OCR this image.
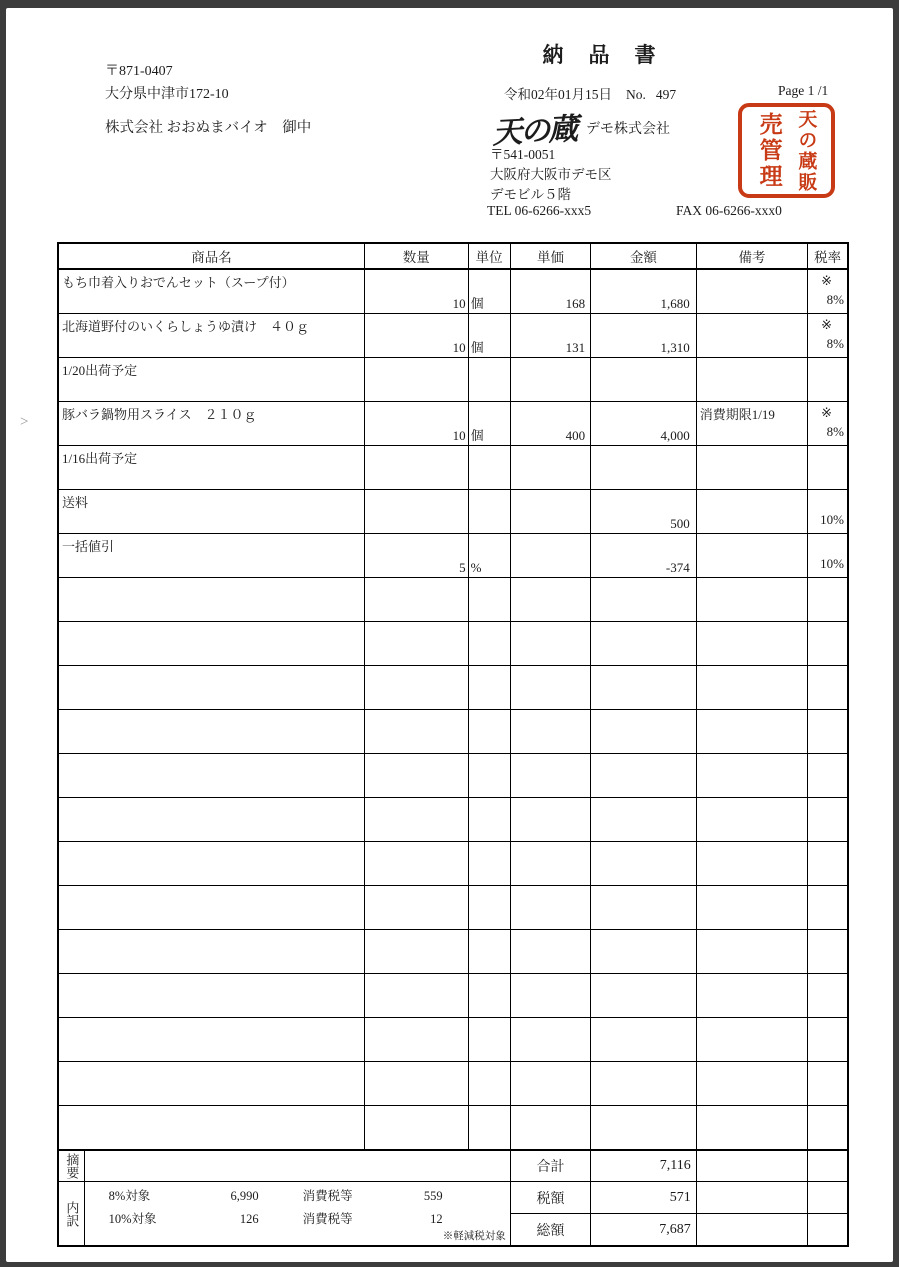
納　品　書
〒871-0407
大分県中津市172-10
株式会社 おおぬまバイオ　御中
令和02年01月15日 No. 497	Page 1 /1
天の蔵 デモ株式会社
〒541-0051
大阪府大阪市デモ区
デモビル５階
TEL 06-6266-xxx5	FAX 06-6266-xxx0
天の蔵販
売管理
>
商品名	数量	単位	単価	金額	備考	税率
もち巾着入りおでんセット（スープ付）	10	個	168	1,680		※
8%

北海道野付のいくらしょうゆ漬け　４０ｇ	10	個	131	1,310		※
8%

1/20出荷予定						

豚バラ鍋物用スライス　２１０ｇ	10	個	400	4,000	消費期限1/19	※
8%

1/16出荷予定						

送料				500		10%

一括値引	5	%		-374		10%

摘要		合計	7,116		
内訳	
8%対象	6,990	消費税等	559
10%対象	126	消費税等	12
※軽減税対象
	税額	571		
		総額	7,687		
